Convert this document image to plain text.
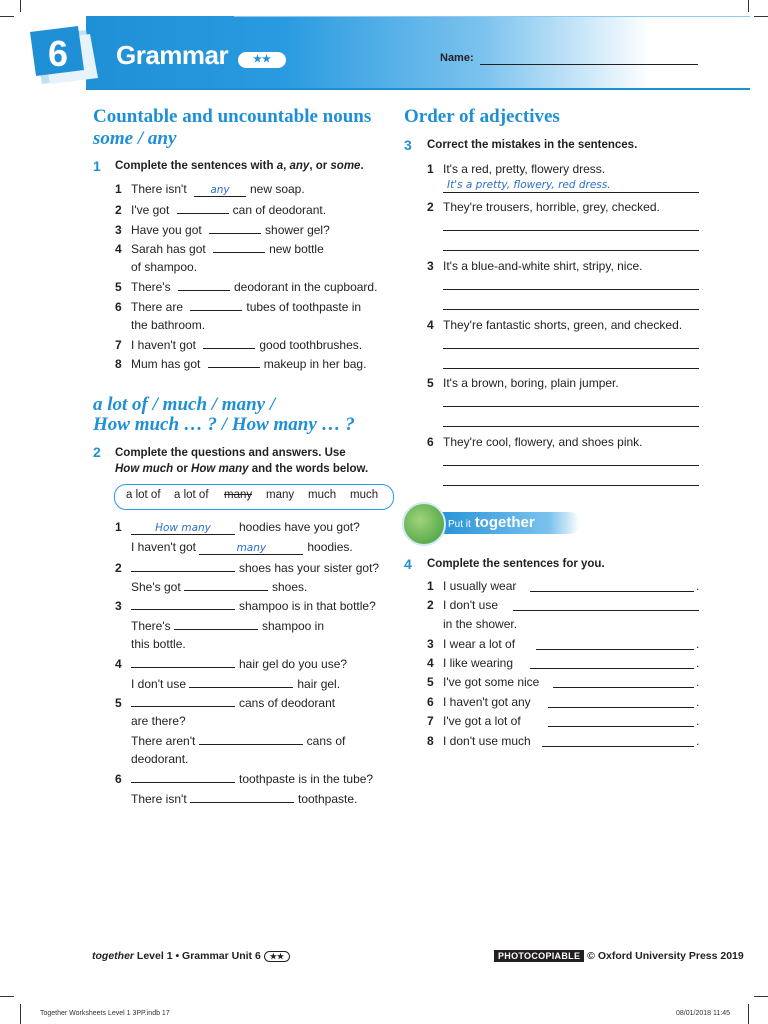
6 Grammar	★★	Name:
Countable and uncountable nouns
some / any
1 Complete the sentences with a, any, or some.
1 There isn't any new soap.
2 I've got	can of deodorant.
3 Have you got	shower gel?
4 Sarah has got	new bottle
of shampoo.
5 There's	deodorant in the cupboard.
6 There are	tubes of toothpaste in
the bathroom.
7 I haven't got	good toothbrushes.
8 Mum has got	makeup in her bag.
a lot of / much / many /
How much … ? / How many … ?
2 Complete the questions and answers. Use
How much or How many and the words below.
a lot of a lot of many many much much
1	How many hoodies have you got?
I haven't got	many	hoodies.
2	shoes has your sister got?
She's got	shoes.
3	shampoo is in that bottle?
There's	shampoo in
this bottle.
4	hair gel do you use?
I don't use	hair gel.
5	cans of deodorant
are there?
There aren't	cans of
deodorant.
6	toothpaste is in the tube?
There isn't	toothpaste.
Order of adjectives
3 Correct the mistakes in the sentences.
1 It's a red, pretty, flowery dress.
It's a pretty, flowery, red dress.
2 They're trousers, horrible, grey, checked.
3 It's a blue-and-white shirt, stripy, nice.
4 They're fantastic shorts, green, and checked.
5 It's a brown, boring, plain jumper.
6 They're cool, flowery, and shoes pink.
Put it together
4 Complete the sentences for you.
1 I usually wear	.
2 I don't use
in the shower.
3 I wear a lot of	.
4 I like wearing	.
5 I've got some nice	.
6 I haven't got any	.
7 I've got a lot of	.
8 I don't use much	.
together Level 1 • Grammar Unit 6 ★★	PHOTOCOPIABLE © Oxford University Press 2019
Together Worksheets Level 1 3PP.indb 17	08/01/2018 11:45
